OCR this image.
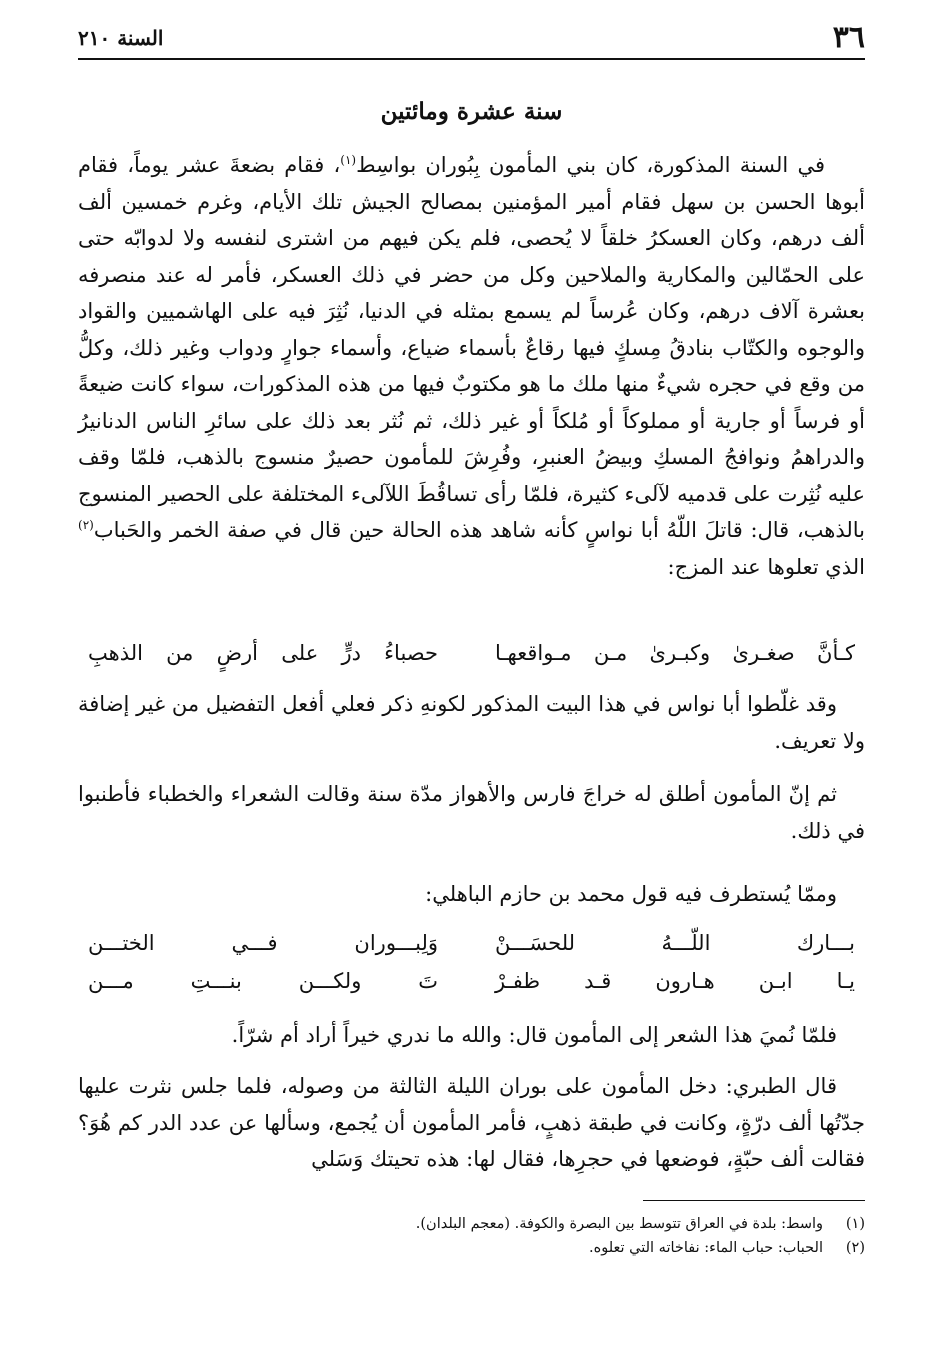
٣٦
السنة ٢١٠
سنة عشرة ومائتين

في السنة المذكورة، كان بني المأمون بِبُوران بواسِط$^{(١)}$، فقام بضعةَ عشر يوماً، فقام أبوها الحسن بن سهل فقام أمير المؤمنين بمصالح الجيش تلك الأيام، وغرم خمسين ألف ألف درهم، وكان العسكرُ خلقاً لا يُحصى، فلم يكن فيهم من اشترى لنفسه ولا لدوابّه حتى على الحمّالين والمكارية والملاحين وكل من حضر في ذلك العسكر، فأمر له عند منصرفه بعشرة آلاف درهم، وكان عُرساً لم يسمع بمثله في الدنيا، نُثِرَ فيه على الهاشميين والقواد والوجوه والكتّاب بنادقُ مِسكٍ فيها رقاعٌ بأسماء ضياع، وأسماء جوارٍ ودواب وغير ذلك، وكلُّ من وقع في حجره شيءٌ منها ملك ما هو مكتوبٌ فيها من هذه المذكورات، سواء كانت ضيعةً أو فرساً أو جارية أو مملوكاً أو مُلكاً أو غير ذلك، ثم نُثر بعد ذلك على سائرِ الناس الدنانيرُ والدراهمُ ونوافجُ المسكِ وبيضُ العنبرِ، وفُرِشَ للمأمون حصيرٌ منسوج بالذهب، فلمّا وقف عليه نُثِرت على قدميه لآلىء كثيرة، فلمّا رأى تساقُطَ اللآلىء المختلفة على الحصير المنسوج بالذهب، قال: قاتلَ اللّهُ أبا نواسٍ كأنه شاهد هذه الحالة حين قال في صفة الخمر والحَباب$^{(٢)}$ الذي تعلوها عند المزج:

كـأنَّ صغـرىٰ وكبـرىٰ مـن مـواقعهـا
حصباءُ درٍّ على أرضٍ من الذهبِ

وقد غلّطوا أبا نواس في هذا البيت المذكور لكونهِ ذكر فعلي أفعل التفضيل من غير إضافة ولا تعريف.

ثم إنّ المأمون أطلق له خراجَ فارس والأهواز مدّة سنة وقالت الشعراء والخطباء فأطنبوا في ذلك.

وممّا يُستطرف فيه قول محمد بن حازم الباهلي:

بـــارك اللّـــهُ للحسَـــنْ
وَلِبـــوران فـــي الختـــن
يـا ابـن هـارون قـد ظفـرْ
تَ ولكـــن بنـــتِ مـــن

فلمّا نُميَ هذا الشعر إلى المأمون قال: والله ما ندري خيراً أراد أم شرّاً.

قال الطبري: دخل المأمون على بوران الليلة الثالثة من وصوله، فلما جلس نثرت عليها جدّتُها ألف درّةٍ، وكانت في طبقة ذهبٍ، فأمر المأمون أن يُجمع، وسألها عن عدد الدر كم هُوَ؟ فقالت ألف حبّةٍ، فوضعها في حجرِها، فقال لها: هذه تحيتك وَسَلي

(١)
واسط: بلدة في العراق تتوسط بين البصرة والكوفة. (معجم البلدان).
(٢)
الحباب: حباب الماء: نفاخاته التي تعلوه.
